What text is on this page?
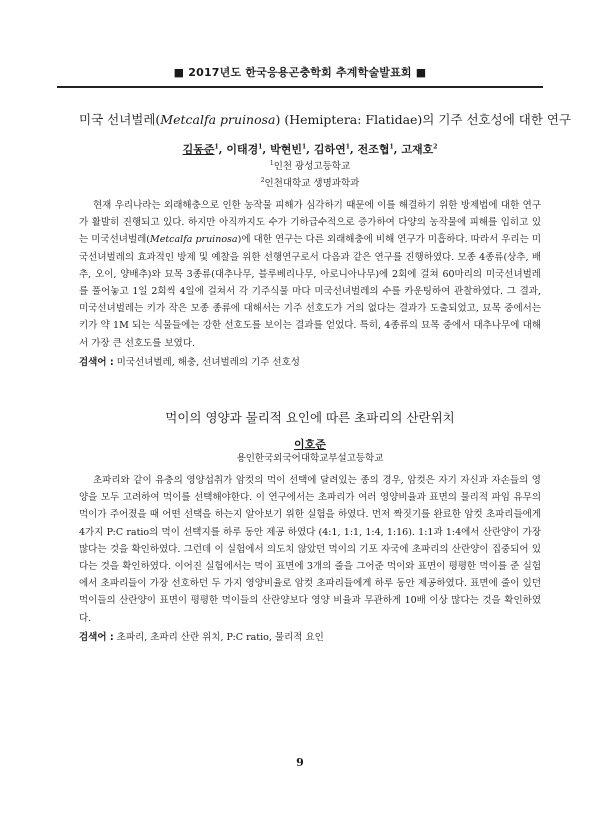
■ 2017년도 한국응용곤충학회 추계학술발표회 ■
미국 선녀벌레(Metcalfa pruinosa) (Hemiptera: Flatidae)의 기주 선호성에 대한 연구
김동준$^1$, 이태경$^1$, 박현빈$^1$, 김하연$^1$, 전조협$^1$, 고재호$^2$
$^1$인천 광성고등학교
$^2$인천대학교 생명과학과

현재 우리나라는 외래해충으로 인한 농작물 피해가 심각하기 때문에 이를 해결하기 위한 방제법에 대한 연구가 활발히 진행되고 있다. 하지만 아직까지도 수가 기하급수적으로 증가하여 다양의 농작물에 피해를 입히고 있는 미국선녀벌레(Metcalfa pruinosa)에 대한 연구는 다른 외래해충에 비해 연구가 미흡하다. 따라서 우리는 미국선녀벌레의 효과적인 방제 및 예찰을 위한 선행연구로서 다음과 같은 연구를 진행하였다. 모종 4종류(상추, 배추, 오이, 양배추)와 묘목 3종류(대추나무, 블루베리나무, 아로니아나무)에 2회에 걸쳐 60마리의 미국선녀벌레를 풀어놓고 1일 2회씩 4일에 걸쳐서 각 기주식물 마다 미국선녀벌레의 수를 카운팅하여 관찰하였다. 그 결과, 미국선녀벌레는 키가 작은 모종 종류에 대해서는 기주 선호도가 거의 없다는 결과가 도출되었고, 묘목 중에서는 키가 약 1M 되는 식물들에는 강한 선호도를 보이는 결과를 얻었다. 특히, 4종류의 묘목 중에서 대추나무에 대해서 가장 큰 선호도를 보였다.

검색어 : 미국선녀벌레, 해충, 선녀벌레의 기주 선호성
먹이의 영양과 물리적 요인에 따른 초파리의 산란위치
이호준
용인한국외국어대학교부설고등학교

초파리와 같이 유충의 영양섭취가 암컷의 먹이 선택에 달려있는 종의 경우, 암컷은 자기 자신과 자손들의 영양을 모두 고려하여 먹이를 선택해야한다. 이 연구에서는 초파리가 여러 영양비율과 표면의 물리적 파임 유무의 먹이가 주어졌을 때 어떤 선택을 하는지 알아보기 위한 실험을 하였다. 먼저 짝짓기를 완료한 암컷 초파리들에게 4가지 P:C ratio의 먹이 선택지를 하루 동안 제공 하였다 (4:1, 1:1, 1:4, 1:16). 1:1과 1:4에서 산란양이 가장 많다는 것을 확인하였다. 그런데 이 실험에서 의도치 않았던 먹이의 기포 자국에 초파리의 산란양이 집중되어 있다는 것을 확인하였다. 이어진 실험에서는 먹이 표면에 3개의 줄을 그어준 먹이와 표면이 평평한 먹이를 준 실험에서 초파리들이 가장 선호하던 두 가지 영양비율로 암컷 초파리들에게 하루 동안 제공하였다. 표면에 줄이 있던 먹이들의 산란양이 표면이 평평한 먹이들의 산란양보다 영양 비율과 무관하게 10배 이상 많다는 것을 확인하였다.

검색어 : 초파리, 초파리 산란 위치, P:C ratio, 물리적 요인
9
